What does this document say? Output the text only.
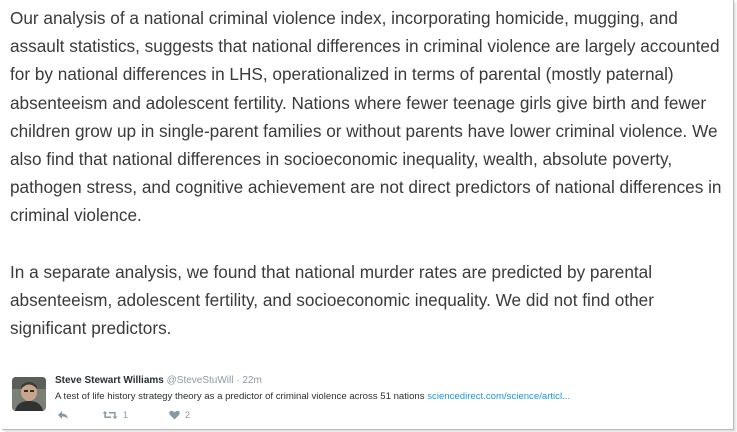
Our analysis of a national criminal violence index, incorporating homicide, mugging, and assault statistics, suggests that national differences in criminal violence are largely accounted for by national differences in LHS, operationalized in terms of parental (mostly paternal) absenteeism and adolescent fertility. Nations where fewer teenage girls give birth and fewer children grow up in single-parent families or without parents have lower criminal violence. We also find that national differences in socioeconomic inequality, wealth, absolute poverty, pathogen stress, and cognitive achievement are not direct predictors of national differences in criminal violence.

In a separate analysis, we found that national murder rates are predicted by parental absenteeism, adolescent fertility, and socioeconomic inequality. We did not find other significant predictors.

Steve Stewart Williams @SteveStuWill · 22m
A test of life history strategy theory as a predictor of criminal violence across 51 nations sciencedirect.com/science/articl...
1	2
